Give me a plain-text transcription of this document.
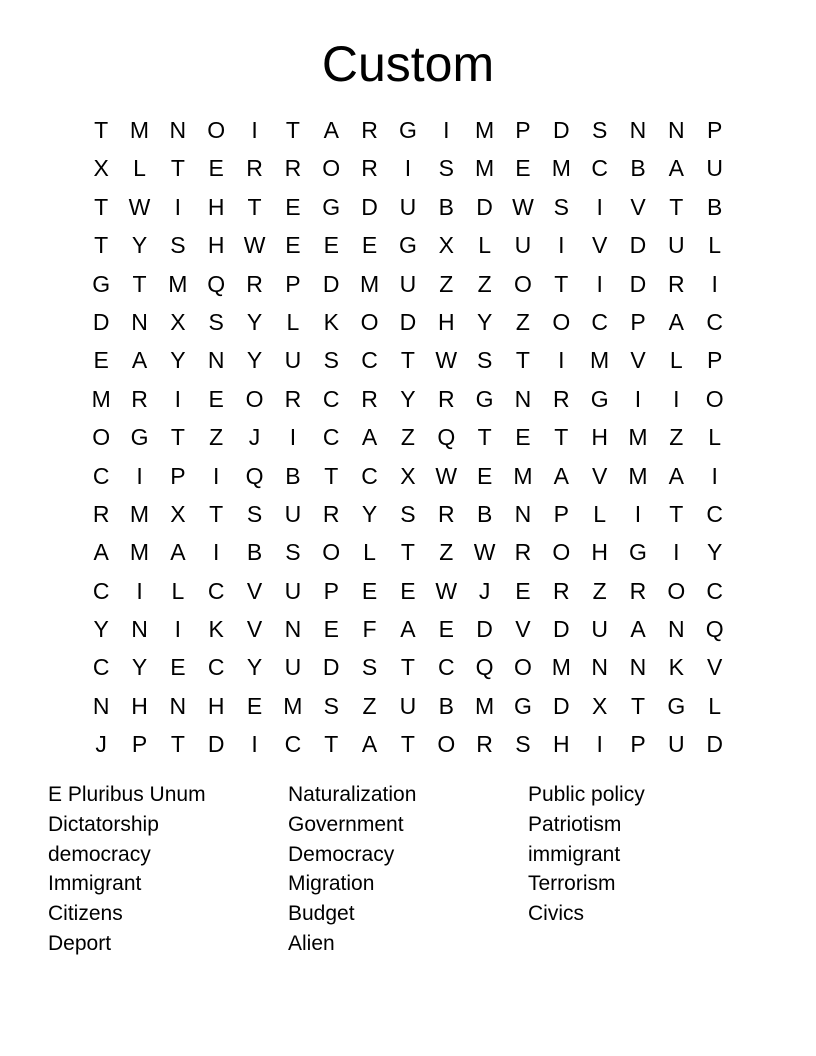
Custom
T M N O	I	T	A R G	I	M P D S N N P
X	L	T	E R R O R	I	S M E M C B	A U
T W	I	H	T	E G D U B D W S	I	V	T	B
T	Y	S H W E	E	E G X	L	U	I	V D U	L
G T M Q R P D M U	Z	Z O T	I	D R	I
D N X	S	Y	L	K O D H Y	Z O C P	A C
E	A	Y N Y U S C	T W S	T	I	M V	L	P
M R	I	E O R C R Y R G N R G	I	I	O
O G T	Z	J	I	C A	Z Q T	E	T	H M Z	L
C	I	P	I	Q B	T	C X W E M A	V M A	I
R M X	T	S U R Y	S R B N P	L	I	T	C
A M A	I	B	S O	L	T	Z W R O H G	I	Y
C	I	L	C V U P	E	E W J	E R	Z	R O C
Y N	I	K	V N E	F	A	E D V D U A N Q
C Y	E C Y U D S	T	C Q O M N N K	V
N H N H E M S	Z	U B M G D X	T G	L
J	P	T	D	I	C	T	A	T O R S H	I	P U D
E Pluribus Unum
Dictatorship
democracy
Immigrant
Citizens
Deport
Naturalization
Government
Democracy
Migration
Budget
Alien
Public policy
Patriotism
immigrant
Terrorism
Civics
